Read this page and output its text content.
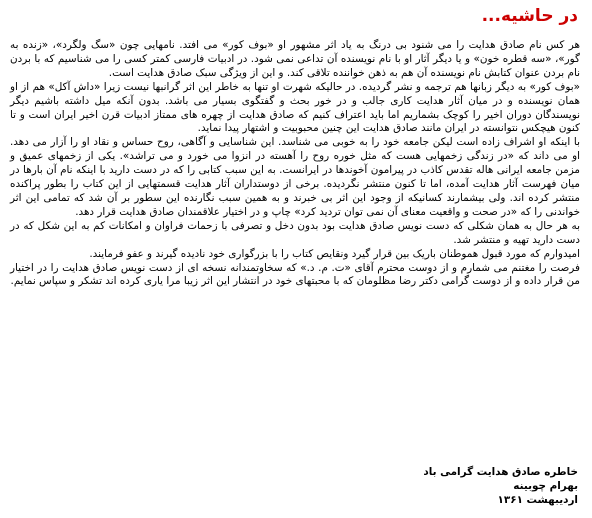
در حاشیه...

هر کس نام صادق هدایت را می شنود بی درنگ به یاد اثر مشهور او «بوف کور» می افتد. نامهایی چون «سگ ولگرد»، «زنده به گور»، «سه قطره خون» و یا دیگر آثار او با نام نویسنده آن تداعی نمی شود. در ادبیات فارسی کمتر کسی را می شناسیم که با بردن نام بردن عنوان کتابش نام نویسنده آن هم به ذهن خواننده تلاقی کند. و این از ویژگی سبک صادق هدایت است.

«بوف کور» به دیگر زبانها هم ترجمه و نشر گردیده. در حالیکه شهرت او تنها به خاطر این اثر گرانبها نیست زیرا «داش آکل» هم از او همان نویسنده و در میان آثار هدایت کاری جالب و در خور بحث و گفتگوی بسیار می باشد. بدون آنکه میل داشته باشیم دیگر نویسندگان دوران اخیر را کوچک بشماریم اما باید اعتراف کنیم که صادق هدایت از چهره های ممتاز ادبیات قرن اخیر ایران است و تا کنون هیچکس نتوانسته در ایران مانند صادق هدایت این چنین محبوبیت و اشتهار پیدا نماید.

با اینکه او اشراف زاده است لیکن جامعه خود را به خوبی می شناسد. این شناسایی و آگاهی، روح حساس و نقاد او را آزار می دهد. او می داند که «در زندگی زخمهایی هست که مثل خوره روح را آهسته در انزوا می خورد و می تراشد». یکی از زخمهای عمیق و مزمن جامعه ایرانی هاله تقدس کاذب در پیرامون آخوندها در ایرانست. به این سبب کتابی را که در دست دارید با اینکه نام آن بارها در میان فهرست آثار هدایت آمده، اما تا کنون منتشر نگردیده. برخی از دوستداران آثار هدایت قسمتهایی از این کتاب را بطور پراکنده منتشر کرده اند. ولی بیشمارند کسانیکه از وجود این اثر بی خبرند و به همین سبب نگارنده این سطور بر آن شد که تمامی این اثر خواندنی را که «در صحت و واقعیت معنای آن نمی توان تردید کرد» چاپ و در اختیار علاقمندان صادق هدایت قرار دهد.

به هر حال به همان شکلی که دست نویس صادق هدایت بود بدون دخل و تصرفی با زحمات فراوان و امکانات کم به این شکل که در دست دارید تهیه و منتشر شد.

امیدوارم که مورد قبول هموطنان باریک بین قرار گیرد ونقایص کتاب را با بزرگواری خود نادیده گیرند و عفو فرمایند.

فرصت را مغتنم می شمارم و از دوست محترم آقای «ت. م. د.» که سخاوتمندانه نسخه ای از دست نویس صادق هدایت را در اختیار من قرار داده و از دوست گرامی دکتر رضا مظلومان که با محبتهای خود در انتشار این اثر زیبا مرا یاری کرده اند تشکر و سپاس نمایم.

خاطره صادق هدایت گرامی باد
بهرام چوبینه
اردیبهشت ۱۳۶۱
